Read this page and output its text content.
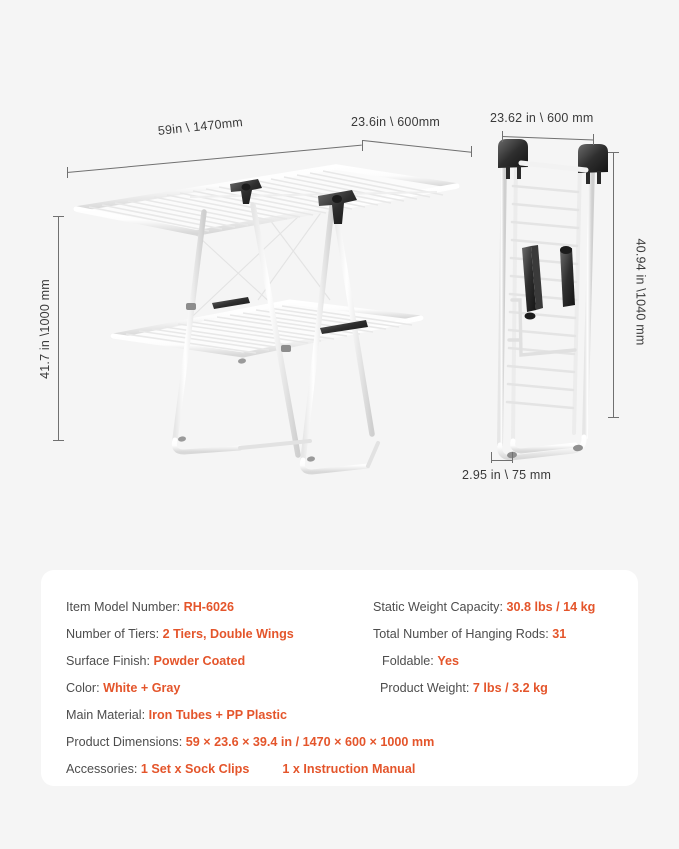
59in \ 1470mm	23.6in \ 600mm
41.7 in \1000 mm
23.62 in \ 600 mm
40.94 in \1040 mm
2.95 in \ 75 mm
Item Model Number: RH-6026
Number of Tiers: 2 Tiers, Double Wings
Surface Finish: Powder Coated
Color: White + Gray
Main Material: Iron Tubes + PP Plastic
Product Dimensions: 59 × 23.6 × 39.4 in / 1470 × 600 × 1000 mm
Accessories: 1 Set x Sock Clips	1 x Instruction Manual
Static Weight Capacity: 30.8 lbs / 14 kg
Total Number of Hanging Rods: 31
Foldable: Yes
Product Weight: 7 lbs / 3.2 kg
